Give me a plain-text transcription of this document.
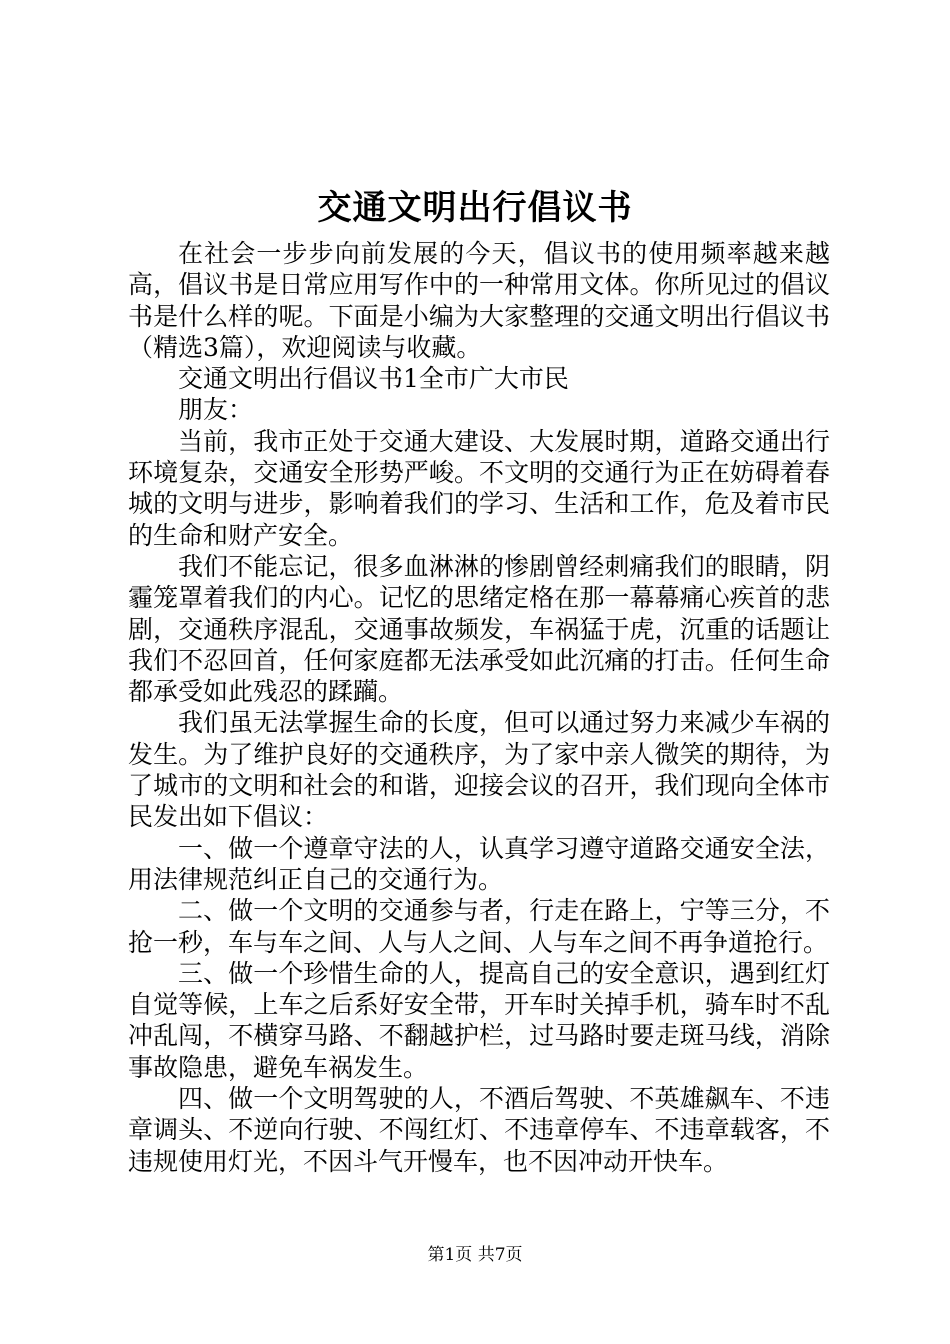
交通文明出行倡议书

在社会一步步向前发展的今天，倡议书的使用频率越来越高，倡议书是日常应用写作中的一种常用文体。你所见过的倡议书是什么样的呢。下面是小编为大家整理的交通文明出行倡议书（精选3篇），欢迎阅读与收藏。

交通文明出行倡议书1全市广大市民

朋友：

当前，我市正处于交通大建设、大发展时期，道路交通出行环境复杂，交通安全形势严峻。不文明的交通行为正在妨碍着春城的文明与进步，影响着我们的学习、生活和工作，危及着市民的生命和财产安全。

我们不能忘记，很多血淋淋的惨剧曾经刺痛我们的眼睛，阴霾笼罩着我们的内心。记忆的思绪定格在那一幕幕痛心疾首的悲剧，交通秩序混乱，交通事故频发，车祸猛于虎，沉重的话题让我们不忍回首，任何家庭都无法承受如此沉痛的打击。任何生命都承受如此残忍的蹂躏。

我们虽无法掌握生命的长度，但可以通过努力来减少车祸的发生。为了维护良好的交通秩序，为了家中亲人微笑的期待，为了城市的文明和社会的和谐，迎接会议的召开，我们现向全体市民发出如下倡议：

一、做一个遵章守法的人，认真学习遵守道路交通安全法，用法律规范纠正自己的交通行为。

二、做一个文明的交通参与者，行走在路上，宁等三分，不抢一秒，车与车之间、人与人之间、人与车之间不再争道抢行。

三、做一个珍惜生命的人，提高自己的安全意识，遇到红灯自觉等候，上车之后系好安全带，开车时关掉手机，骑车时不乱冲乱闯，不横穿马路、不翻越护栏，过马路时要走斑马线，消除事故隐患，避免车祸发生。

四、做一个文明驾驶的人，不酒后驾驶、不英雄飙车、不违章调头、不逆向行驶、不闯红灯、不违章停车、不违章载客，不违规使用灯光，不因斗气开慢车，也不因冲动开快车。

第1页 共7页
